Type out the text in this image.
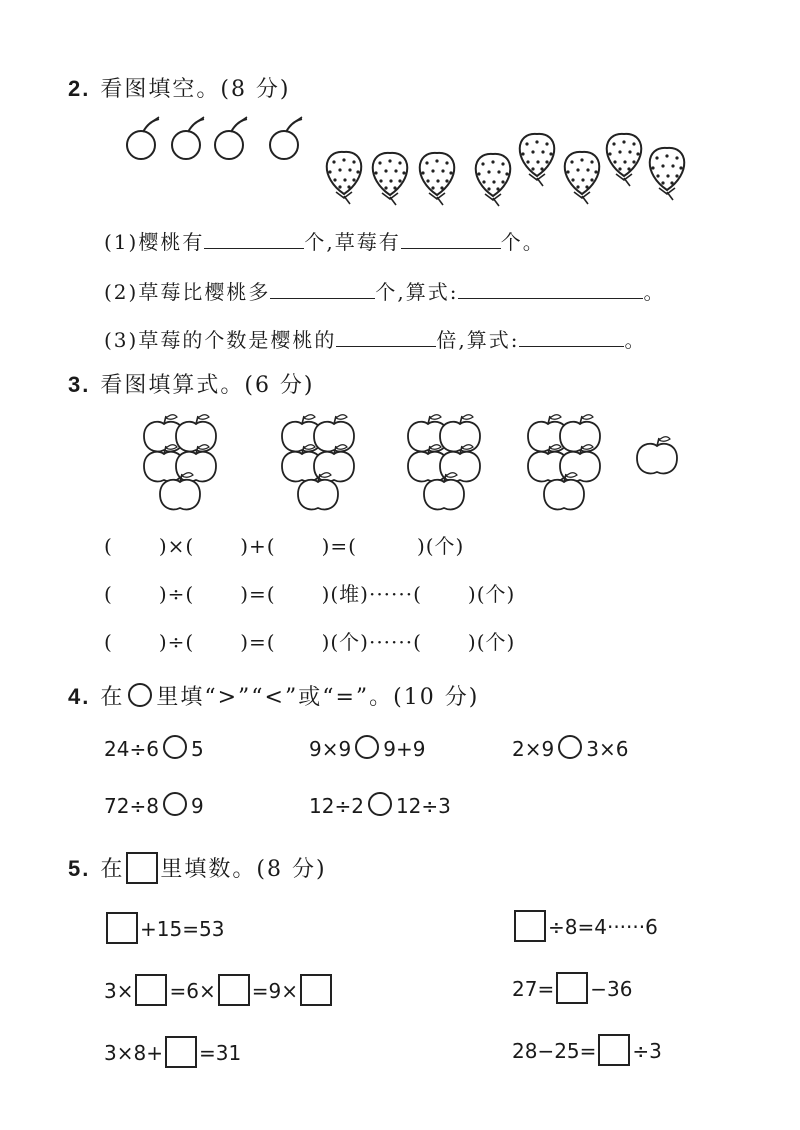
2. 看图填空。(8 分)
(1)樱桃有	个,草莓有	个。
(2)草莓比樱桃多	个,算式:	。
(3)草莓的个数是樱桃的	倍,算式:	。
3. 看图填算式。(6 分)
( )×( )+( )=(	)(个)
( )÷( )=( )(堆)······( )(个)
( )÷( )=( )(个)······( )(个)
4. 在 里填“>”“<”或“=”。(10 分)
24÷6 5	9×9 9+9	2×9 3×6
72÷8 9	12÷2 12÷3
5. 在 里填数。(8 分)
+15=53	÷8=4······6
3× =6× =9×	27= −36
3×8+ =31	28−25= ÷3
